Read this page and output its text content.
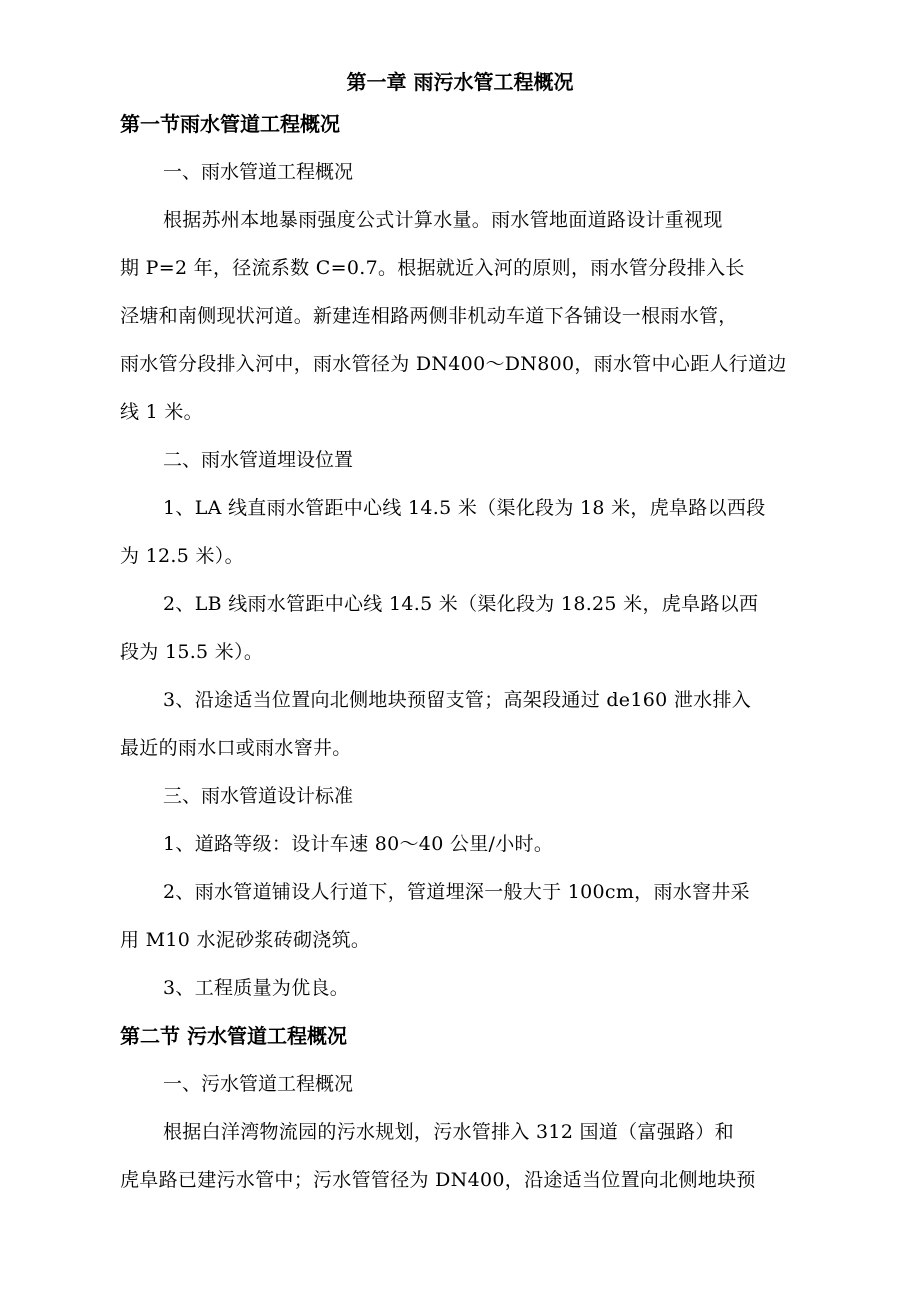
第一章 雨污水管工程概况
第一节雨水管道工程概况
一、雨水管道工程概况
根据苏州本地暴雨强度公式计算水量。雨水管地面道路设计重视现
期 P=2 年，径流系数 C=0.7。根据就近入河的原则，雨水管分段排入长
泾塘和南侧现状河道。新建连相路两侧非机动车道下各铺设一根雨水管，
雨水管分段排入河中，雨水管径为 DN400～DN800，雨水管中心距人行道边
线 1 米。
二、雨水管道埋设位置
1、LA 线直雨水管距中心线 14.5 米（渠化段为 18 米，虎阜路以西段
为 12.5 米）。
2、LB 线雨水管距中心线 14.5 米（渠化段为 18.25 米，虎阜路以西
段为 15.5 米）。
3、沿途适当位置向北侧地块预留支管；高架段通过 de160 泄水排入
最近的雨水口或雨水窨井。
三、雨水管道设计标准
1、道路等级：设计车速 80～40 公里/小时。
2、雨水管道铺设人行道下，管道埋深一般大于 100cm，雨水窨井采
用 M10 水泥砂浆砖砌浇筑。
3、工程质量为优良。
第二节 污水管道工程概况
一、污水管道工程概况
根据白洋湾物流园的污水规划，污水管排入 312 国道（富强路）和
虎阜路已建污水管中；污水管管径为 DN400，沿途适当位置向北侧地块预
